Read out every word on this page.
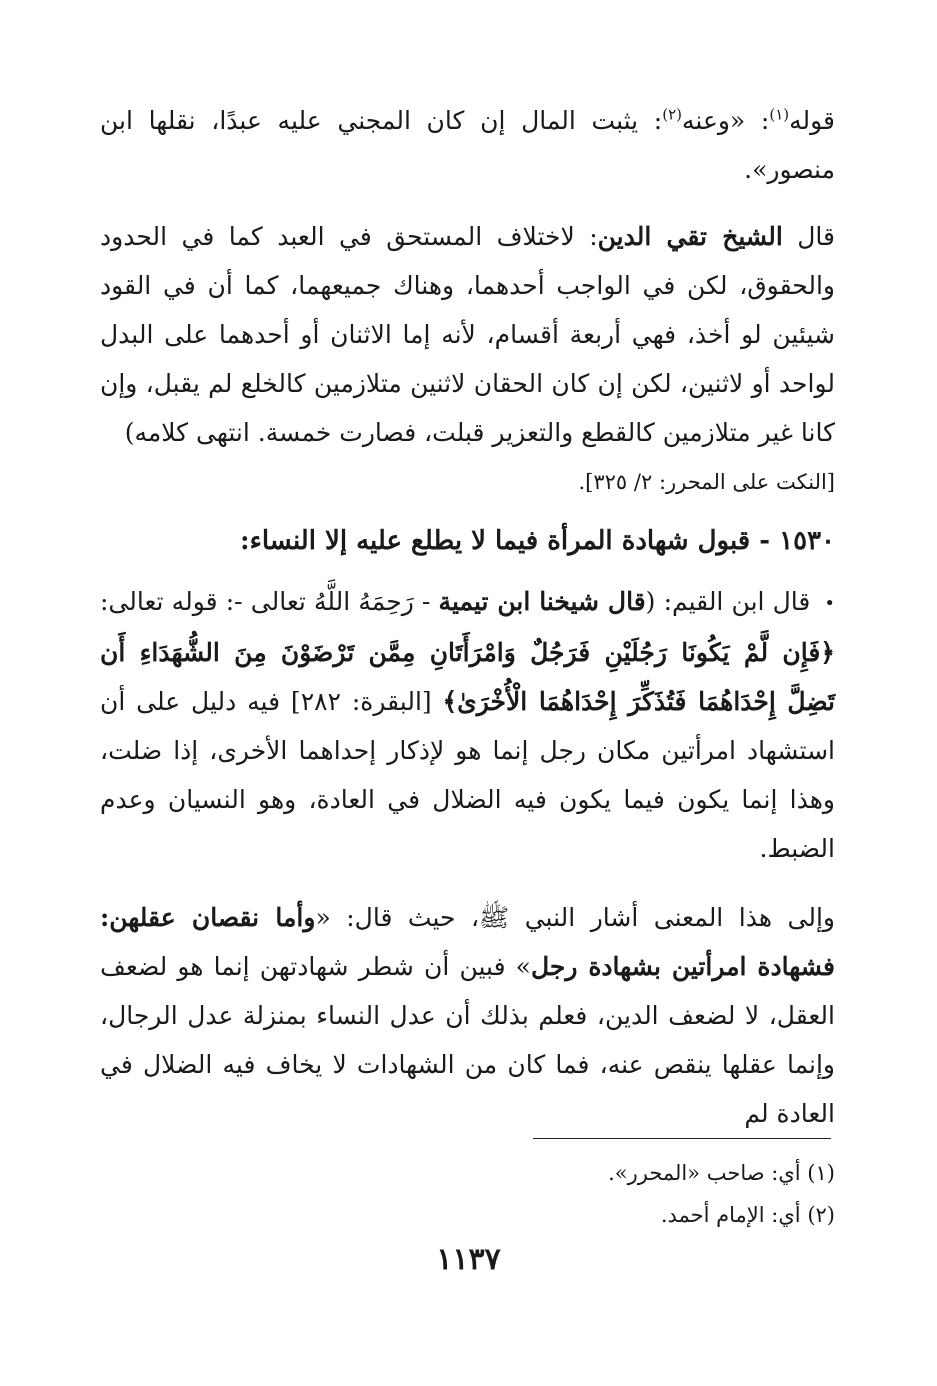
قوله$^{(١)}$: «وعنه$^{(٢)}$: يثبت المال إن كان المجني عليه عبدًا، نقلها ابن منصور».

قال الشيخ تقي الدين: لاختلاف المستحق في العبد كما في الحدود والحقوق، لكن في الواجب أحدهما، وهناك جميعهما، كما أن في القود شيئين لو أخذ، فهي أربعة أقسام، لأنه إما الاثنان أو أحدهما على البدل لواحد أو لاثنين، لكن إن كان الحقان لاثنين متلازمين كالخلع لم يقبل، وإن كانا غير متلازمين كالقطع والتعزير قبلت، فصارت خمسة. انتهى كلامه)

[النكت على المحرر: ٢/ ٣٢٥].

١٥٣٠ - قبول شهادة المرأة فيما لا يطلع عليه إلا النساء:

•قال ابن القيم: (قال شيخنا ابن تيمية - رَحِمَهُ اللَّهُ تعالى -: قوله تعالى: ﴿فَإِن لَّمْ يَكُونَا رَجُلَيْنِ فَرَجُلٌ وَامْرَأَتَانِ مِمَّن تَرْضَوْنَ مِنَ الشُّهَدَاءِ أَن تَضِلَّ إِحْدَاهُمَا فَتُذَكِّرَ إِحْدَاهُمَا الْأُخْرَىٰ﴾ [البقرة: ٢٨٢] فيه دليل على أن استشهاد امرأتين مكان رجل إنما هو لإذكار إحداهما الأخرى، إذا ضلت، وهذا إنما يكون فيما يكون فيه الضلال في العادة، وهو النسيان وعدم الضبط.

وإلى هذا المعنى أشار النبي ﷺ، حيث قال: «وأما نقصان عقلهن: فشهادة امرأتين بشهادة رجل» فبين أن شطر شهادتهن إنما هو لضعف العقل، لا لضعف الدين، فعلم بذلك أن عدل النساء بمنزلة عدل الرجال، وإنما عقلها ينقص عنه، فما كان من الشهادات لا يخاف فيه الضلال في العادة لم

(١) أي: صاحب «المحرر».

(٢) أي: الإمام أحمد.

١١٣٧
